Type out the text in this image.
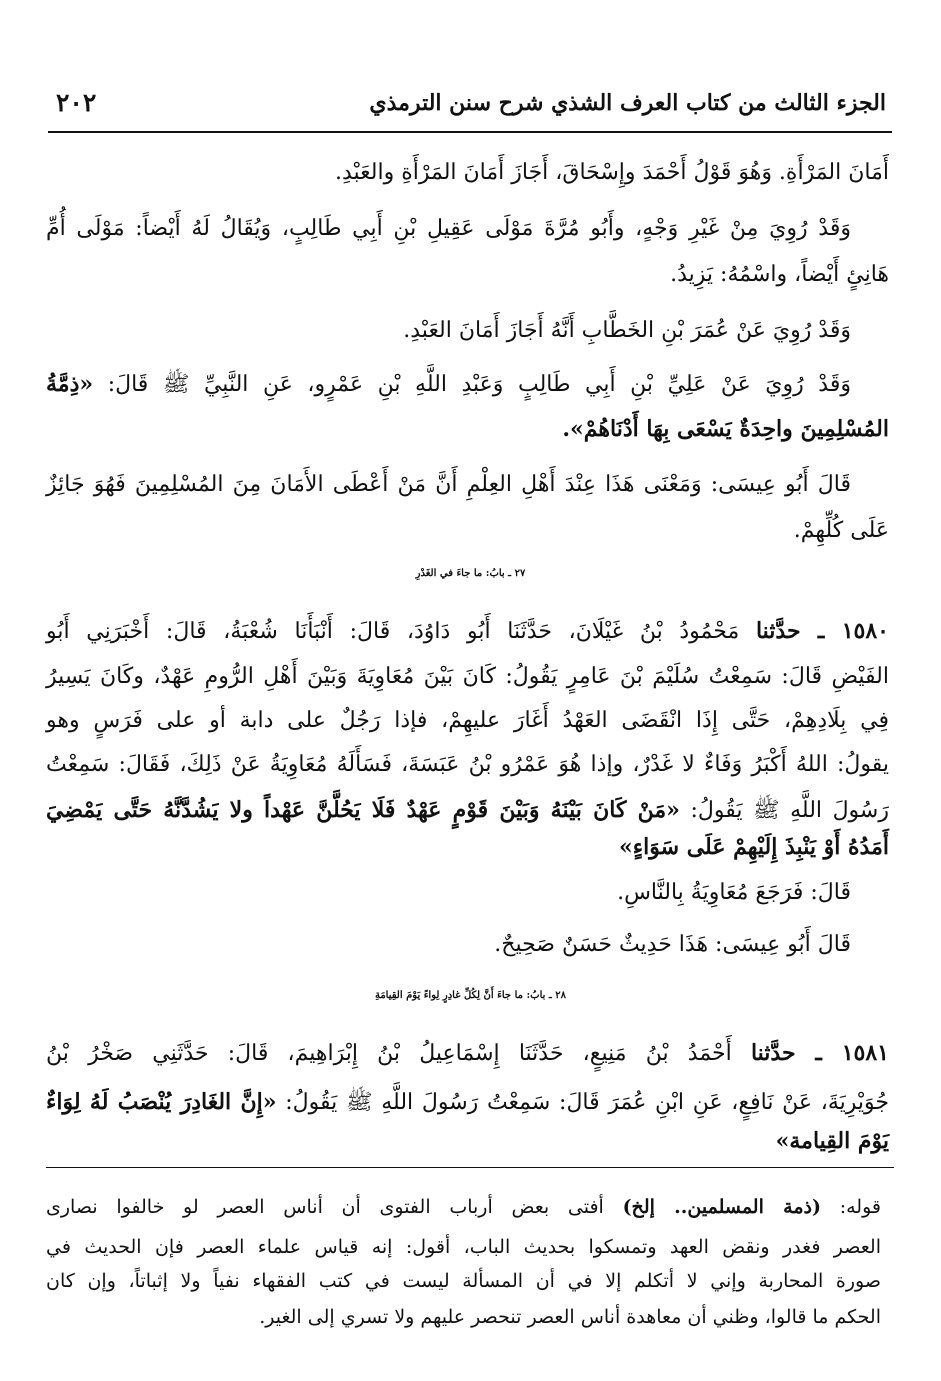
الجزء الثالث من كتاب العرف الشذي شرح سنن الترمذي
٢٠٢
أَمَانَ المَرْأَةِ. وَهُوَ قَوْلُ أَحْمَدَ وإِسْحَاقَ، أَجَازَ أَمَانَ المَرْأَةِ والعَبْدِ.
وَقَدْ رُوِيَ مِنْ غَيْرِ وَجْهٍ، وأَبُو مُرَّةَ مَوْلَى عَقِيلِ بْنِ أَبِي طَالِبٍ، وَيُقَالُ لَهُ أَيْضاً: مَوْلَى أُمِّ
هَانِئٍ أَيْضاً، واسْمُهُ: يَزِيدُ.
وَقَدْ رُوِيَ عَنْ عُمَرَ بْنِ الخَطَّابِ أَنَّهُ أَجَازَ أَمَانَ العَبْدِ.
وَقَدْ رُوِيَ عَنْ عَلِيِّ بْنِ أَبِي طَالِبٍ وَعَبْدِ اللَّهِ بْنِ عَمْرٍو، عَنِ النَّبِيِّ ﷺ قَالَ: «ذِمَّةُ
المُسْلِمِينَ واحِدَةٌ يَسْعَى بِهَا أَدْنَاهُمْ».
قَالَ أَبُو عِيسَى: وَمَعْنَى هَذَا عِنْدَ أَهْلِ العِلْمِ أَنَّ مَنْ أَعْطَى الأَمَانَ مِنَ المُسْلِمِينَ فَهُوَ جَائِزٌ
عَلَى كُلِّهِمْ.
٢٧ ـ بابُ: ما جاءَ في الغَدْرِ
١٥٨٠ ـ حدَّثنا مَحْمُودُ بْنُ غَيْلَانَ، حَدَّثَنَا أَبُو دَاوُدَ، قَالَ: أَنْبَأَنَا شُعْبَةُ، قَالَ: أَخْبَرَنِي أَبُو
الفَيْضِ قَالَ: سَمِعْتُ سُلَيْمَ بْنَ عَامِرٍ يَقُولُ: كَانَ بَيْنَ مُعَاوِيَةَ وَبَيْنَ أَهْلِ الرُّومِ عَهْدٌ، وكَانَ يَسِيرُ
فِي بِلَادِهِمْ، حَتَّى إِذَا انْقَضَى العَهْدُ أَغَارَ عليهِمْ، فإذا رَجُلٌ على دابة أو على فَرَسٍ وهو
يقولُ: اللهُ أَكْبَرُ وَفَاءٌ لا غَدْرٌ، وإذا هُوَ عَمْرُو بْنُ عَبَسَةَ، فَسَأَلَهُ مُعَاوِيَةُ عَنْ ذَلِكَ، فَقَالَ: سَمِعْتُ
رَسُولَ اللَّهِ ﷺ يَقُولُ: «مَنْ كَانَ بَيْنَهُ وَبَيْنَ قَوْمٍ عَهْدٌ فَلَا يَحُلَّنَّ عَهْداً ولا يَشُدَّنَّهُ حَتَّى يَمْضِيَ
أَمَدُهُ أَوْ يَنْبِذَ إِلَيْهِمْ عَلَى سَوَاءٍ»
قَالَ: فَرَجَعَ مُعَاوِيَةُ بِالنَّاسِ.
قَالَ أَبُو عِيسَى: هَذَا حَدِيثٌ حَسَنٌ صَحِيحٌ.
٢٨ ـ بابُ: ما جاءَ أَنَّ لِكُلِّ غادِرٍ لِواءً يَوْمَ القِيامَةِ
١٥٨١ ـ حدَّثنا أَحْمَدُ بْنُ مَنِيعٍ، حَدَّثَنَا إِسْمَاعِيلُ بْنُ إِبْرَاهِيمَ، قَالَ: حَدَّثَنِي صَخْرُ بْنُ
جُوَيْرِيَةَ، عَنْ نَافِعٍ، عَنِ ابْنِ عُمَرَ قَالَ: سَمِعْتُ رَسُولَ اللَّهِ ﷺ يَقُولُ: «إِنَّ الغَادِرَ يُنْصَبُ لَهُ لِوَاءٌ
يَوْمَ القِيامة»
قوله: (ذمة المسلمين.. إلخ) أفتى بعض أرباب الفتوى أن أناس العصر لو خالفوا نصارى
العصر فغدر ونقض العهد وتمسكوا بحديث الباب، أقول: إنه قياس علماء العصر فإن الحديث في
صورة المحاربة وإني لا أتكلم إلا في أن المسألة ليست في كتب الفقهاء نفياً ولا إثباتاً، وإن كان
الحكم ما قالوا، وظني أن معاهدة أناس العصر تنحصر عليهم ولا تسري إلى الغير.
